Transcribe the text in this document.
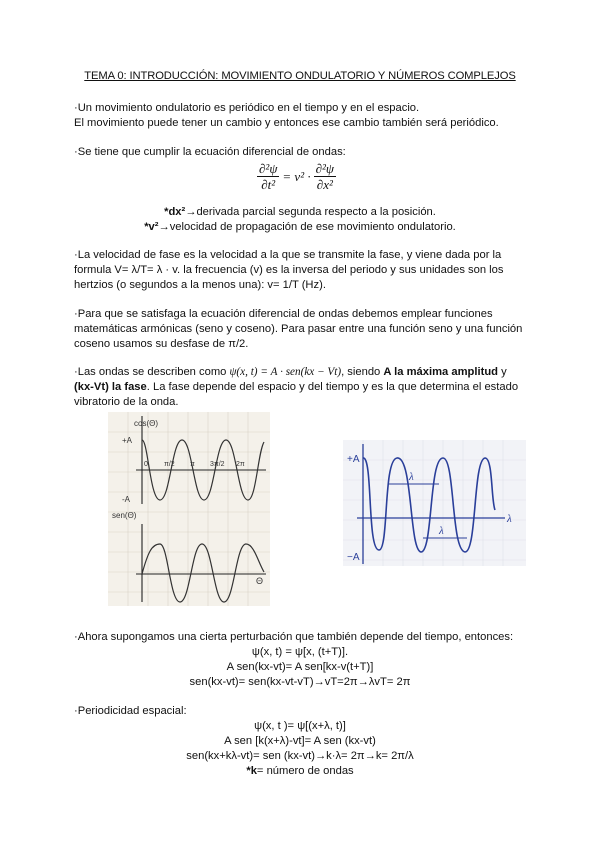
TEMA 0: INTRODUCCIÓN: MOVIMIENTO ONDULATORIO Y NÚMEROS COMPLEJOS
·Un movimiento ondulatorio es periódico en el tiempo y en el espacio.
El movimiento puede tener un cambio y entonces ese cambio también será periódico.
·Se tiene que cumplir la ecuación diferencial de ondas:
$\frac{\text{∂²ψ}}{\text{∂t²}} = v^2 \cdot \frac{\text{∂²ψ}}{\text{∂x²}}$
*dx²→derivada parcial segunda respecto a la posición.
*v²→velocidad de propagación de ese movimiento ondulatorio.
·La velocidad de fase es la velocidad a la que se transmite la fase, y viene dada por la
formula V= λ/T= λ · v. la frecuencia (v) es la inversa del periodo y sus unidades son los
hertzios (o segundos a la menos una): v= 1/T (Hz).
·Para que se satisfaga la ecuación diferencial de ondas debemos emplear funciones
matemáticas armónicas (seno y coseno). Para pasar entre una función seno y una función
coseno usamos su desfase de π/2.
·Las ondas se describen como ψ(x, t) = A · sen(kx − Vt), siendo A la máxima amplitud y
(kx-Vt) la fase. La fase depende del espacio y del tiempo y es la que determina el estado
vibratorio de la onda.
cos(Θ)
+A
-A
0 π/2 π 3π/2 2π
sen(Θ)
Θ
+A
−A
λ
λ
λ
·Ahora supongamos una cierta perturbación que también depende del tiempo, entonces:
ψ(x, t) = ψ[x, (t+T)].
A sen(kx-vt)= A sen[kx-v(t+T)]
sen(kx-vt)= sen(kx-vt-vT)→vT=2π→λvT= 2π
·Periodicidad espacial:
ψ(x, t )= ψ[(x+λ, t)]
A sen [k(x+λ)-vt]= A sen (kx-vt)
sen(kx+kλ-vt)= sen (kx-vt)→k·λ= 2π→k= 2π/λ
*k= número de ondas
